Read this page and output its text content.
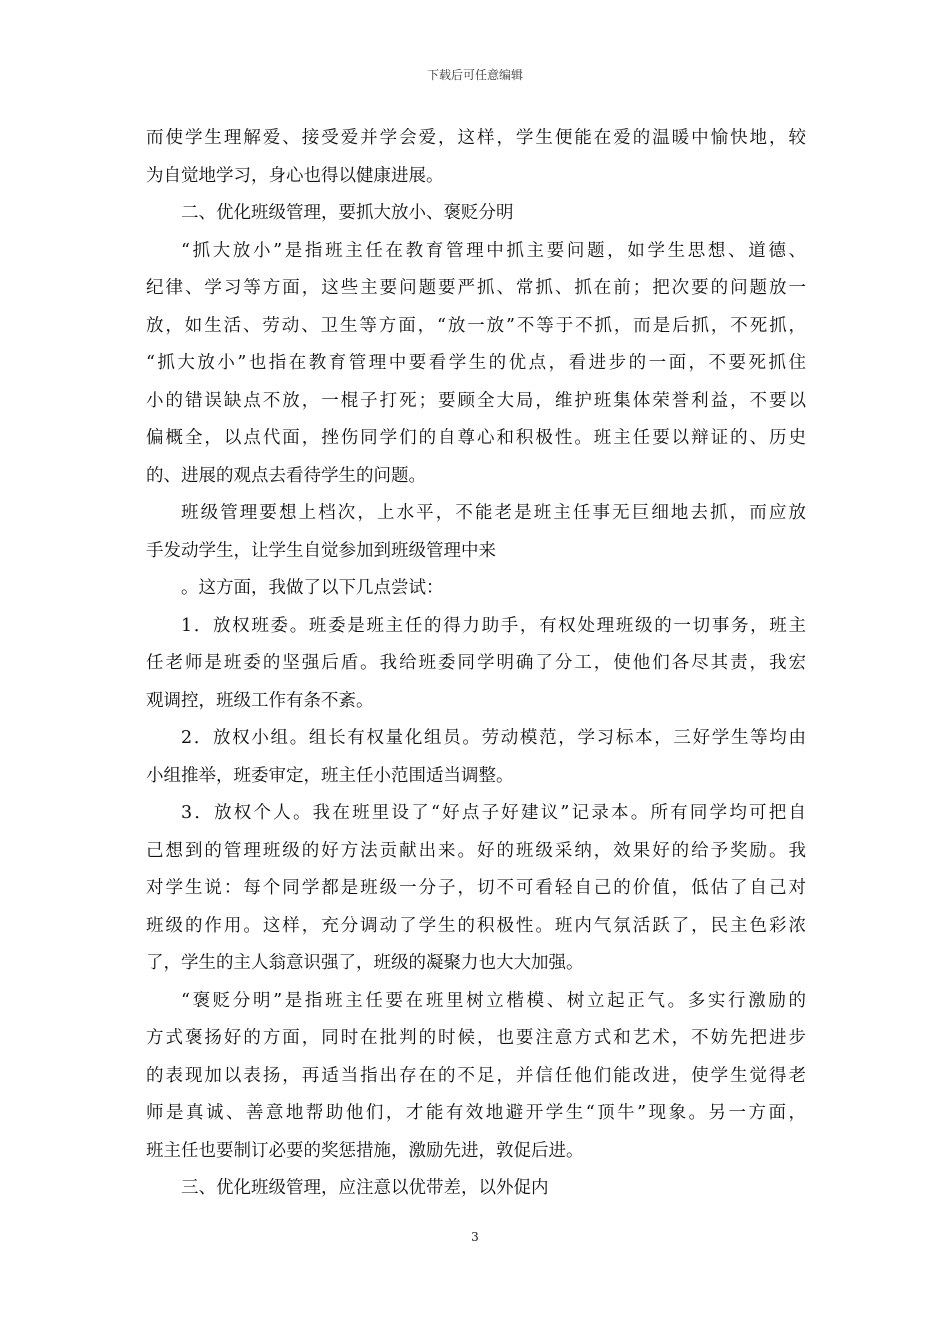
下载后可任意编辑
而使学生理解爱、接受爱并学会爱，这样，学生便能在爱的温暖中愉快地，较
为自觉地学习，身心也得以健康进展。
二、优化班级管理，要抓大放小、褒贬分明
“抓大放小”是指班主任在教育管理中抓主要问题，如学生思想、道德、
纪律、学习等方面，这些主要问题要严抓、常抓、抓在前；把次要的问题放一
放，如生活、劳动、卫生等方面，“放一放”不等于不抓，而是后抓，不死抓，
“抓大放小”也指在教育管理中要看学生的优点，看进步的一面，不要死抓住
小的错误缺点不放，一棍子打死；要顾全大局，维护班集体荣誉利益，不要以
偏概全，以点代面，挫伤同学们的自尊心和积极性。班主任要以辩证的、历史
的、进展的观点去看待学生的问题。
班级管理要想上档次，上水平，不能老是班主任事无巨细地去抓，而应放
手发动学生，让学生自觉参加到班级管理中来
。这方面，我做了以下几点尝试：
1．放权班委。班委是班主任的得力助手，有权处理班级的一切事务，班主
任老师是班委的坚强后盾。我给班委同学明确了分工，使他们各尽其责，我宏
观调控，班级工作有条不紊。
2．放权小组。组长有权量化组员。劳动模范，学习标本，三好学生等均由
小组推举，班委审定，班主任小范围适当调整。
3．放权个人。我在班里设了“好点子好建议”记录本。所有同学均可把自
己想到的管理班级的好方法贡献出来。好的班级采纳，效果好的给予奖励。我
对学生说：每个同学都是班级一分子，切不可看轻自己的价值，低估了自己对
班级的作用。这样，充分调动了学生的积极性。班内气氛活跃了，民主色彩浓
了，学生的主人翁意识强了，班级的凝聚力也大大加强。
“褒贬分明”是指班主任要在班里树立楷模、树立起正气。多实行激励的
方式褒扬好的方面，同时在批判的时候，也要注意方式和艺术，不妨先把进步
的表现加以表扬，再适当指出存在的不足，并信任他们能改进，使学生觉得老
师是真诚、善意地帮助他们，才能有效地避开学生“顶牛”现象。另一方面，
班主任也要制订必要的奖惩措施，激励先进，敦促后进。
三、优化班级管理，应注意以优带差，以外促内
3
